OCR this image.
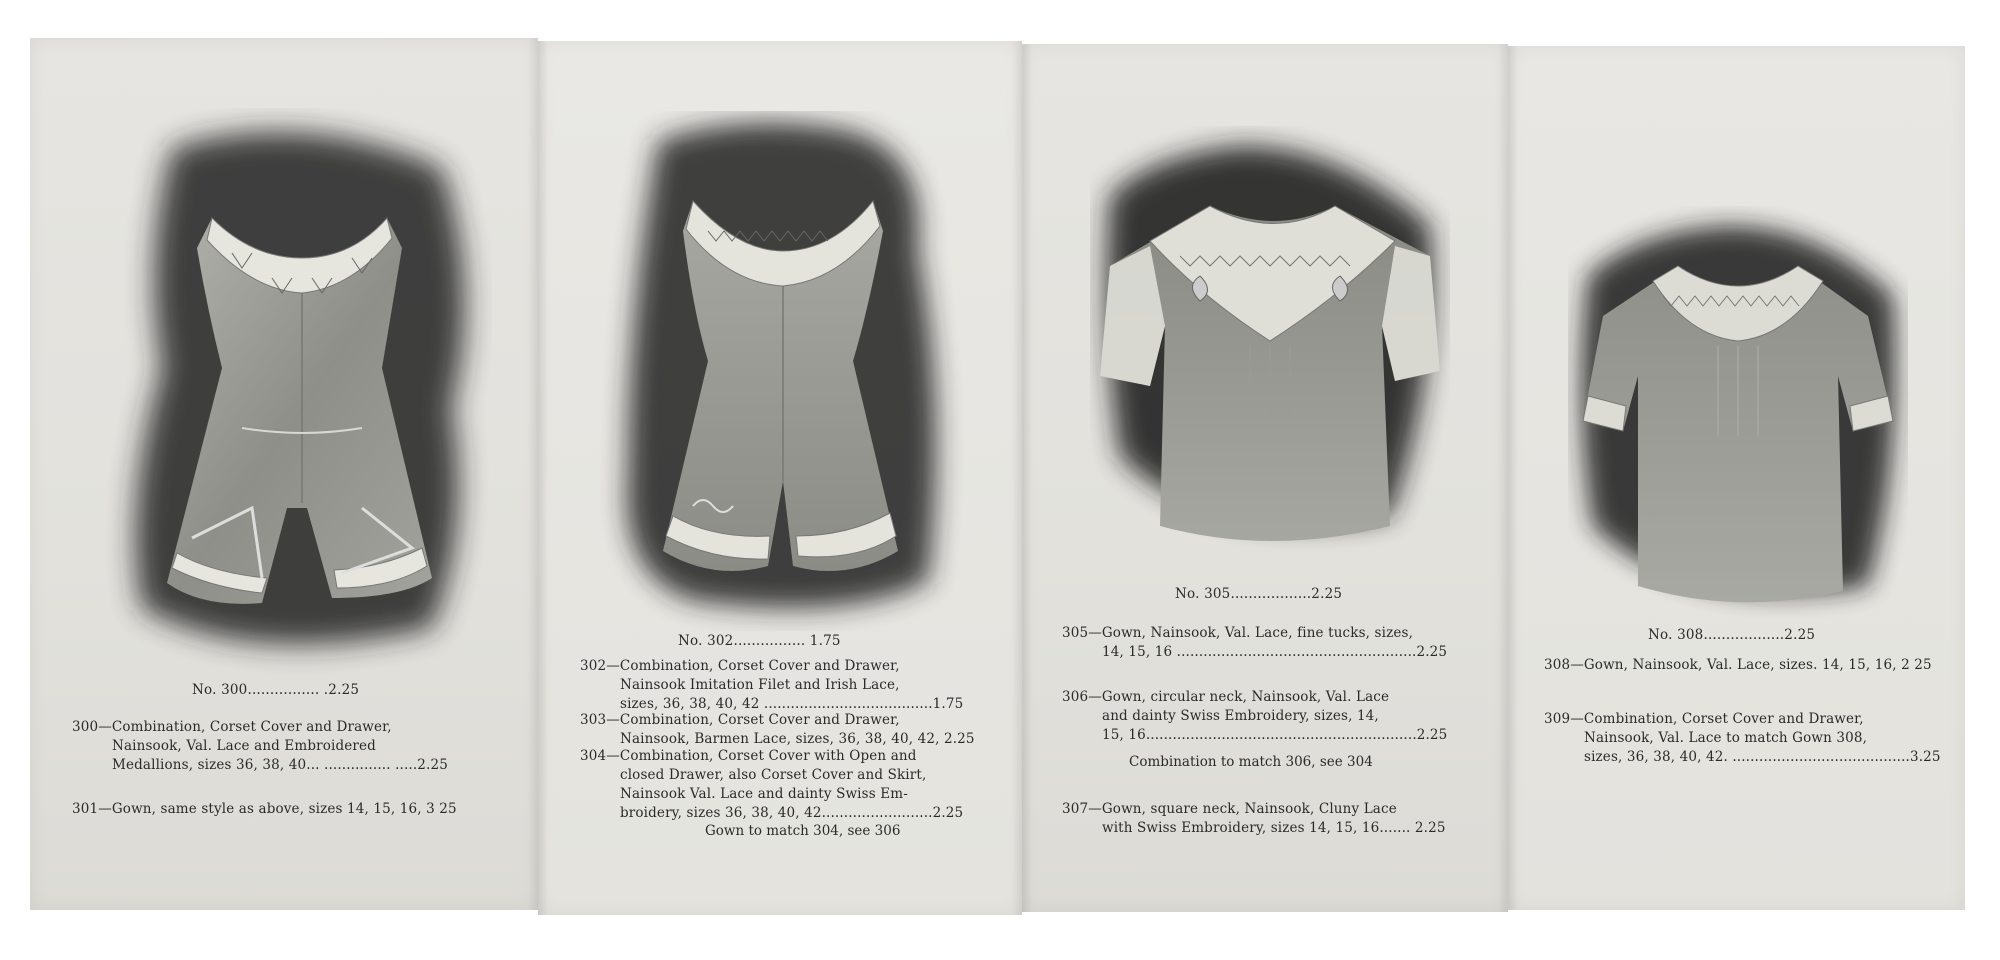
No. 300................ .2.25
300—Combination, Corset Cover and Drawer,
Nainsook, Val. Lace and Embroidered
Medallions, sizes 36, 38, 40... ............... .....2.25
301—Gown, same style as above, sizes 14, 15, 16, 3 25
No. 302................ 1.75
302—Combination, Corset Cover and Drawer,
Nainsook Imitation Filet and Irish Lace,
sizes, 36, 38, 40, 42 ......................................1.75
303—Combination, Corset Cover and Drawer,
Nainsook, Barmen Lace, sizes, 36, 38, 40, 42, 2.25
304—Combination, Corset Cover with Open and
closed Drawer, also Corset Cover and Skirt,
Nainsook Val. Lace and dainty Swiss Em-
broidery, sizes 36, 38, 40, 42.........................2.25
Gown to match 304, see 306
No. 305..................2.25
305—Gown, Nainsook, Val. Lace, fine tucks, sizes,
14, 15, 16 ......................................................2.25
306—Gown, circular neck, Nainsook, Val. Lace
and dainty Swiss Embroidery, sizes, 14,
15, 16.............................................................2.25
Combination to match 306, see 304
307—Gown, square neck, Nainsook, Cluny Lace
with Swiss Embroidery, sizes 14, 15, 16....... 2.25
No. 308..................2.25
308—Gown, Nainsook, Val. Lace, sizes. 14, 15, 16, 2 25
309—Combination, Corset Cover and Drawer,
Nainsook, Val. Lace to match Gown 308,
sizes, 36, 38, 40, 42. ........................................3.25
